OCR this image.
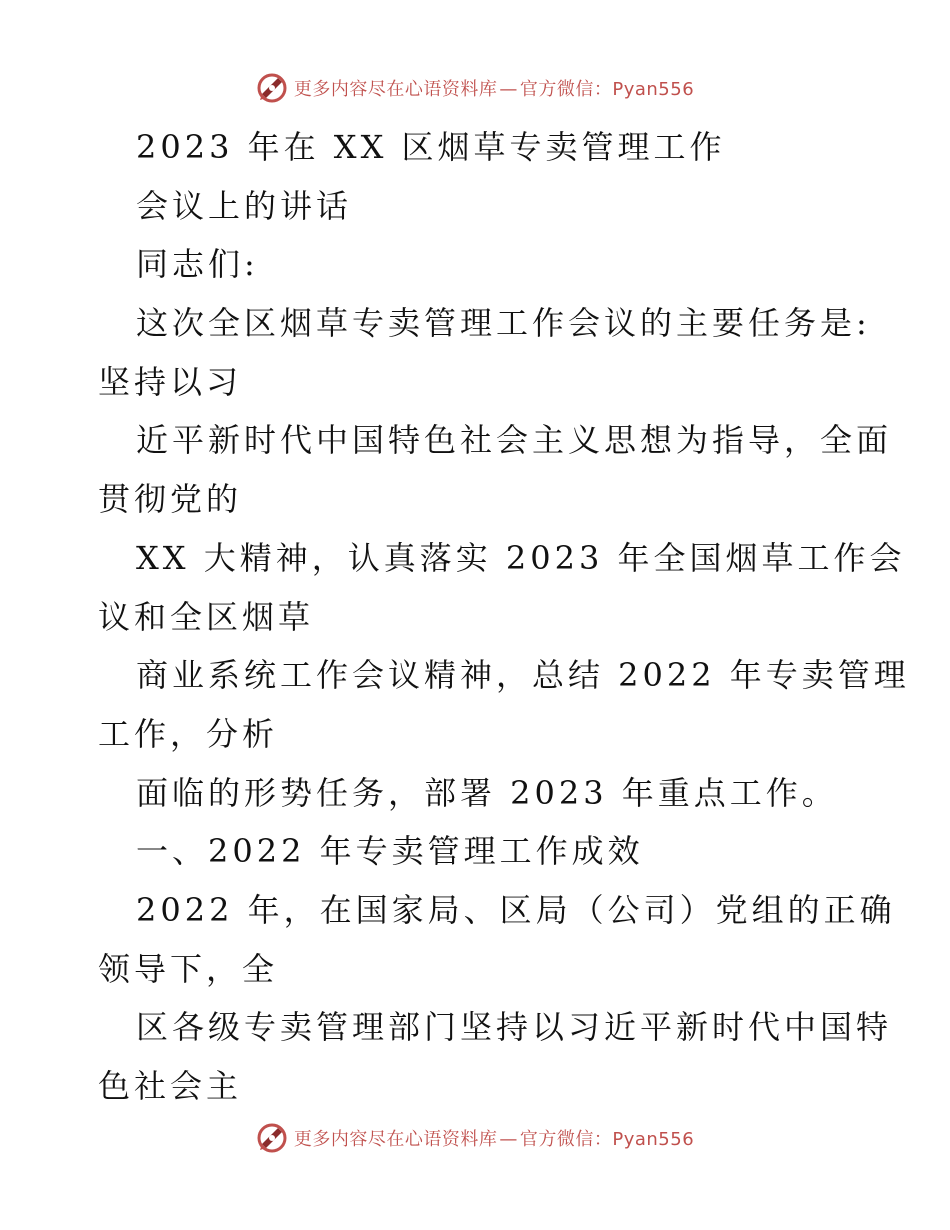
更多内容尽在心语资料库 — 官方微信：Pyan556
2023 年在 XX 区烟草专卖管理工作
会议上的讲话
同志们:
这次全区烟草专卖管理工作会议的主要任务是:
坚持以习
近平新时代中国特色社会主义思想为指导，全面
贯彻党的
XX 大精神，认真落实 2023 年全国烟草工作会
议和全区烟草
商业系统工作会议精神，总结 2022 年专卖管理
工作，分析
面临的形势任务，部署 2023 年重点工作。
一、2022 年专卖管理工作成效
2022 年，在国家局、区局（公司）党组的正确
领导下，全
区各级专卖管理部门坚持以习近平新时代中国特
色社会主
更多内容尽在心语资料库 — 官方微信：Pyan556
